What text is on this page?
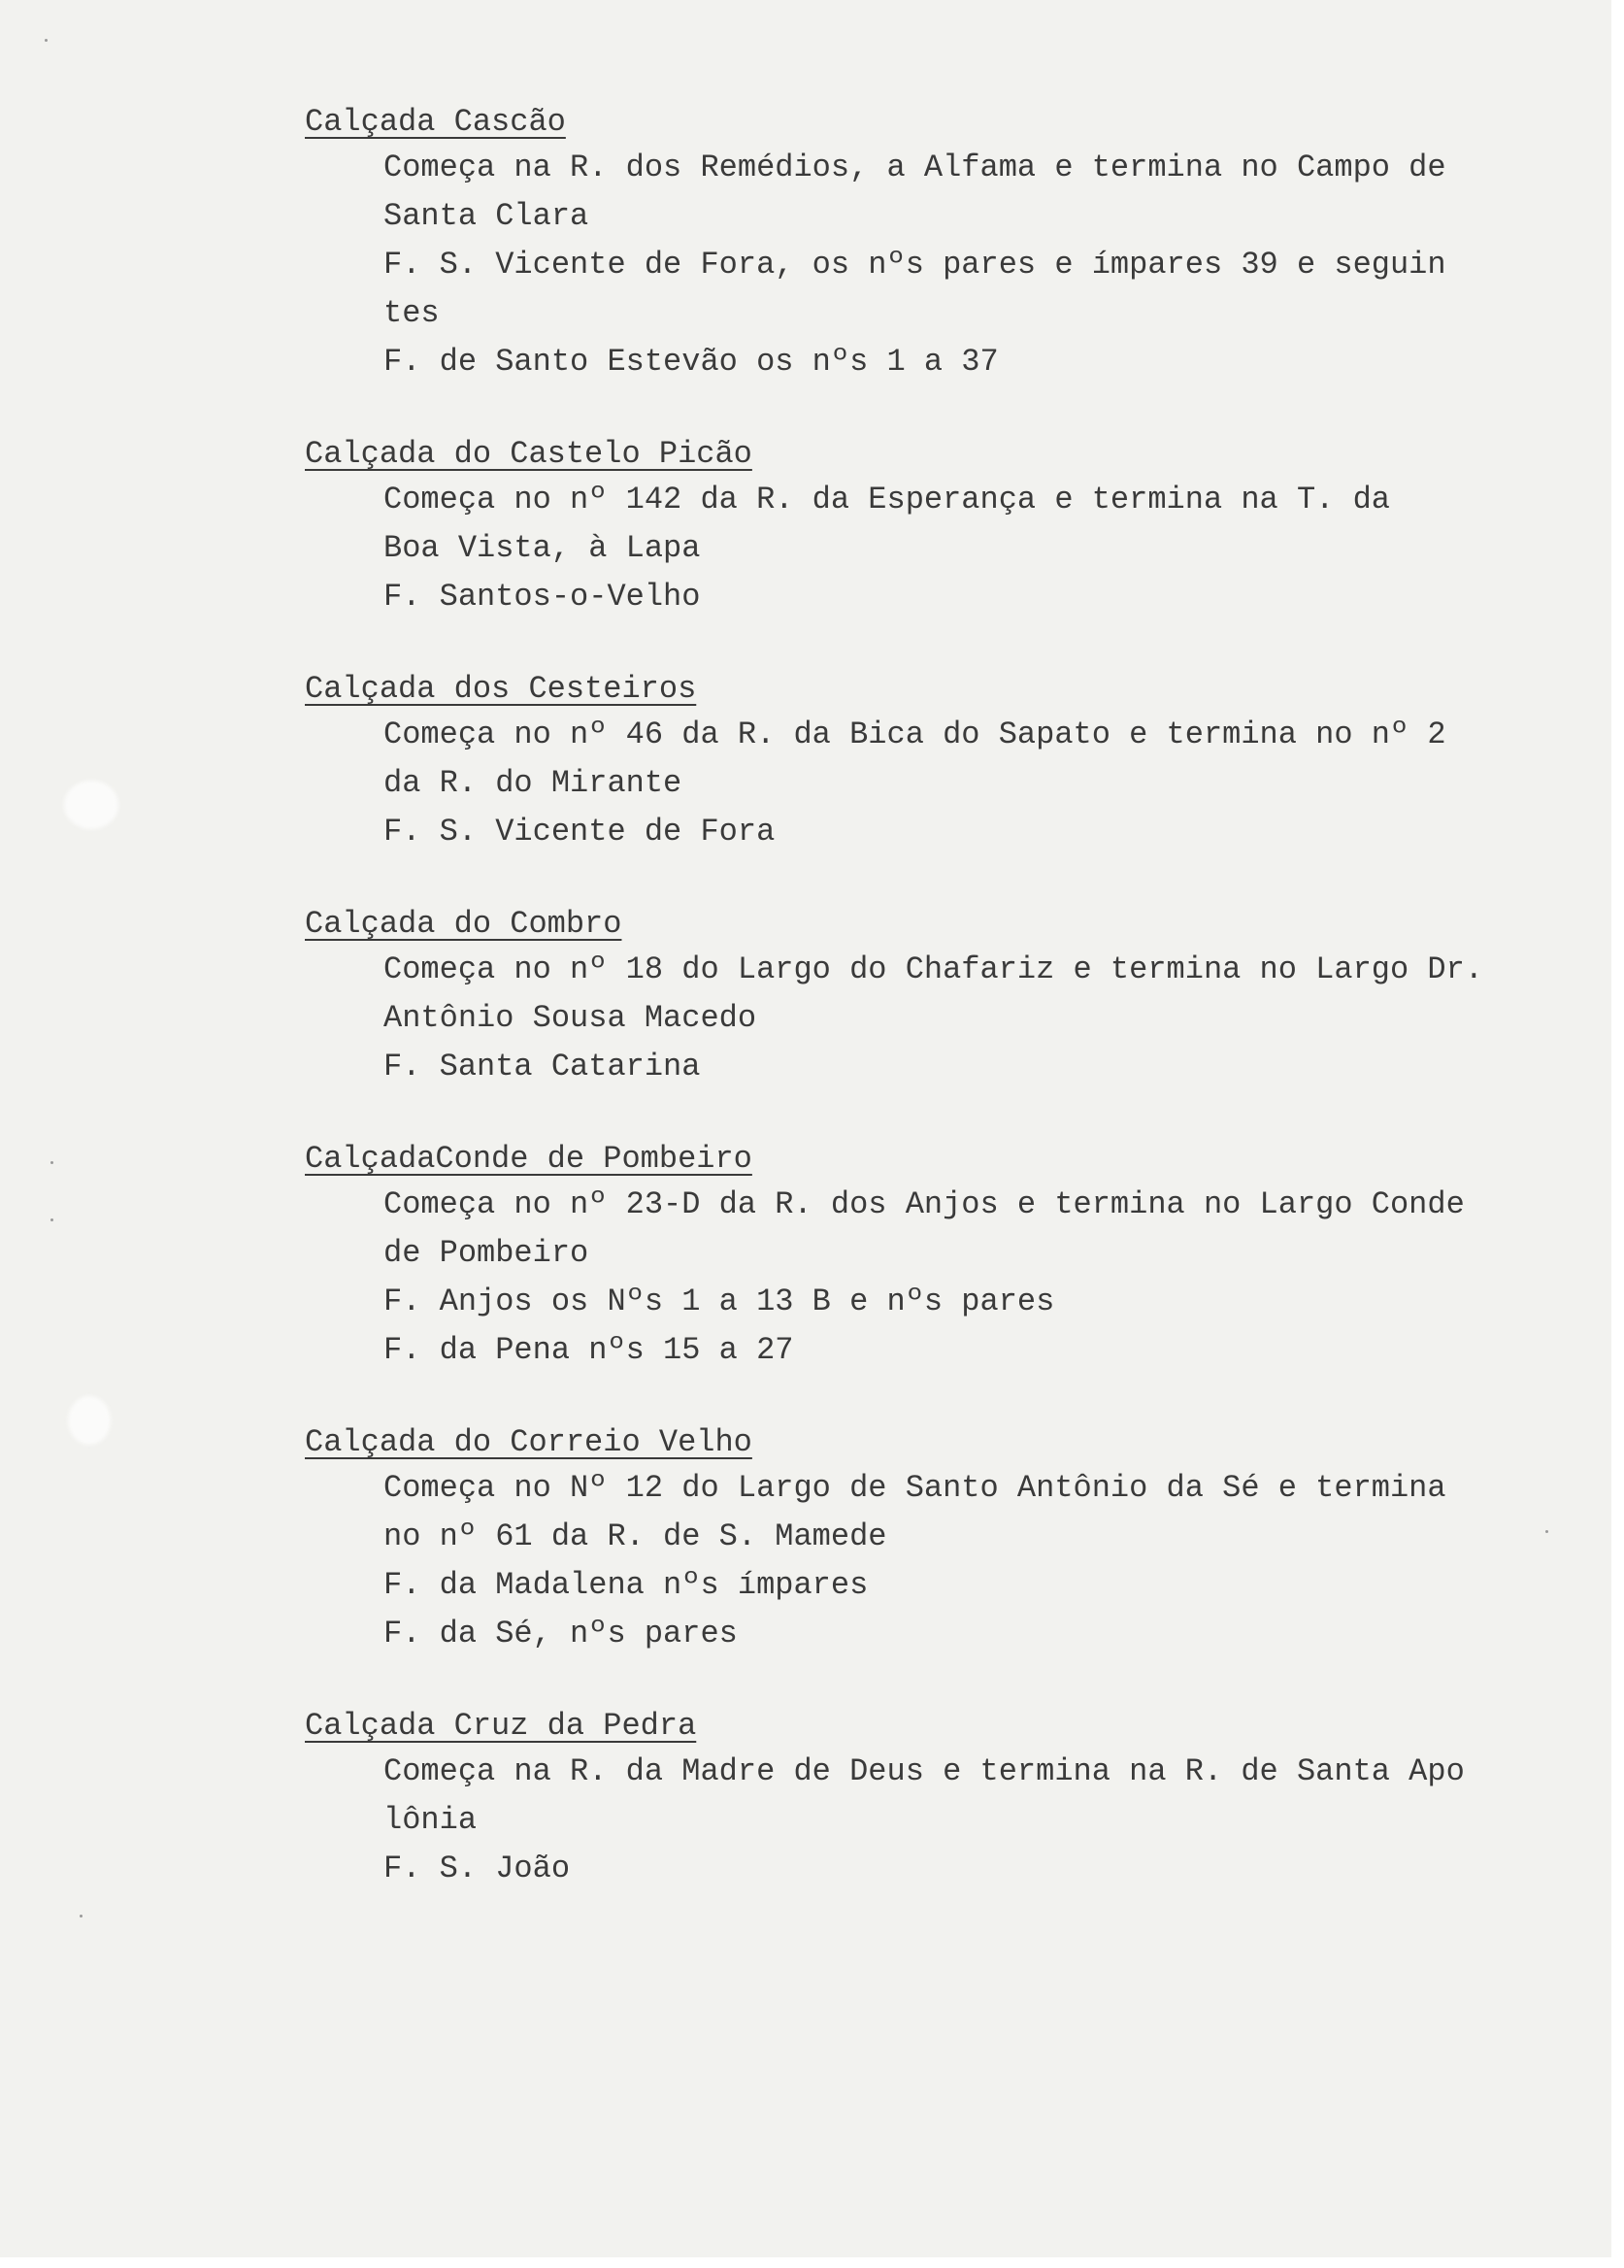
Calçada Cascão
Começa na R. dos Remédios, a Alfama e termina no Campo de
Santa Clara
F. S. Vicente de Fora, os nºs pares e ímpares 39 e seguin
tes
F. de Santo Estevão os nºs 1 a 37
Calçada do Castelo Picão
Começa no nº 142 da R. da Esperança e termina na T. da
Boa Vista, à Lapa
F. Santos-o-Velho
Calçada dos Cesteiros
Começa no nº 46 da R. da Bica do Sapato e termina no nº 2
da R. do Mirante
F. S. Vicente de Fora
Calçada do Combro
Começa no nº 18 do Largo do Chafariz e termina no Largo Dr.
Antônio Sousa Macedo
F. Santa Catarina
CalçadaConde de Pombeiro
Começa no nº 23-D da R. dos Anjos e termina no Largo Conde
de Pombeiro
F. Anjos os Nºs 1 a 13 B e nºs pares
F. da Pena nºs 15 a 27
Calçada do Correio Velho
Começa no Nº 12 do Largo de Santo Antônio da Sé e termina
no nº 61 da R. de S. Mamede
F. da Madalena nºs ímpares
F. da Sé, nºs pares
Calçada Cruz da Pedra
Começa na R. da Madre de Deus e termina na R. de Santa Apo
lônia
F. S. João
